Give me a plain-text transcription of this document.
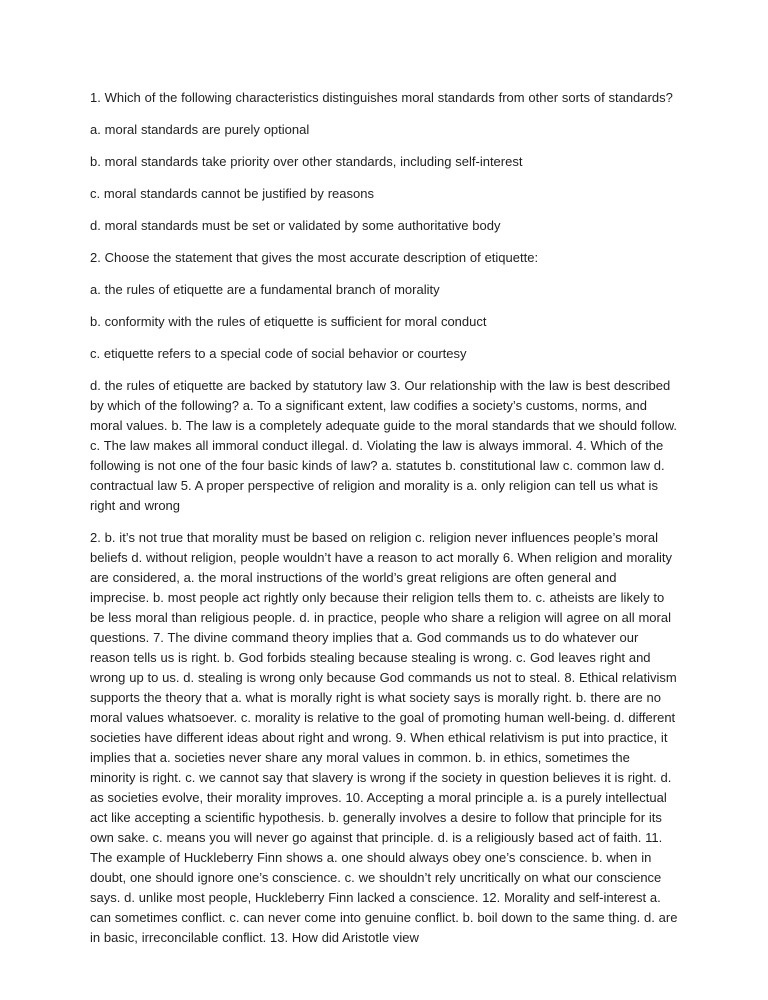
1. Which of the following characteristics distinguishes moral standards from other sorts of standards?

a. moral standards are purely optional

b. moral standards take priority over other standards, including self-interest

c. moral standards cannot be justified by reasons

d. moral standards must be set or validated by some authoritative body

2. Choose the statement that gives the most accurate description of etiquette:

a. the rules of etiquette are a fundamental branch of morality

b. conformity with the rules of etiquette is sufficient for moral conduct

c. etiquette refers to a special code of social behavior or courtesy

d. the rules of etiquette are backed by statutory law 3. Our relationship with the law is best described by which of the following? a. To a significant extent, law codifies a society’s customs, norms, and moral values. b. The law is a completely adequate guide to the moral standards that we should follow. c. The law makes all immoral conduct illegal. d. Violating the law is always immoral. 4. Which of the following is not one of the four basic kinds of law? a. statutes b. constitutional law c. common law d. contractual law 5. A proper perspective of religion and morality is a. only religion can tell us what is right and wrong

2. b. it’s not true that morality must be based on religion c. religion never influences people’s moral beliefs d. without religion, people wouldn’t have a reason to act morally 6. When religion and morality are considered, a. the moral instructions of the world’s great religions are often general and imprecise. b. most people act rightly only because their religion tells them to. c. atheists are likely to be less moral than religious people. d. in practice, people who share a religion will agree on all moral questions. 7. The divine command theory implies that a. God commands us to do whatever our reason tells us is right. b. God forbids stealing because stealing is wrong. c. God leaves right and wrong up to us. d. stealing is wrong only because God commands us not to steal. 8. Ethical relativism supports the theory that a. what is morally right is what society says is morally right. b. there are no moral values whatsoever. c. morality is relative to the goal of promoting human well-being. d. different societies have different ideas about right and wrong. 9. When ethical relativism is put into practice, it implies that a. societies never share any moral values in common. b. in ethics, sometimes the minority is right. c. we cannot say that slavery is wrong if the society in question believes it is right. d. as societies evolve, their morality improves. 10. Accepting a moral principle a. is a purely intellectual act like accepting a scientific hypothesis. b. generally involves a desire to follow that principle for its own sake. c. means you will never go against that principle. d. is a religiously based act of faith. 11. The example of Huckleberry Finn shows a. one should always obey one’s conscience. b. when in doubt, one should ignore one’s conscience. c. we shouldn’t rely uncritically on what our conscience says. d. unlike most people, Huckleberry Finn lacked a conscience. 12. Morality and self-interest a. can sometimes conflict. c. can never come into genuine conflict. b. boil down to the same thing. d. are in basic, irreconcilable conflict. 13. How did Aristotle view
